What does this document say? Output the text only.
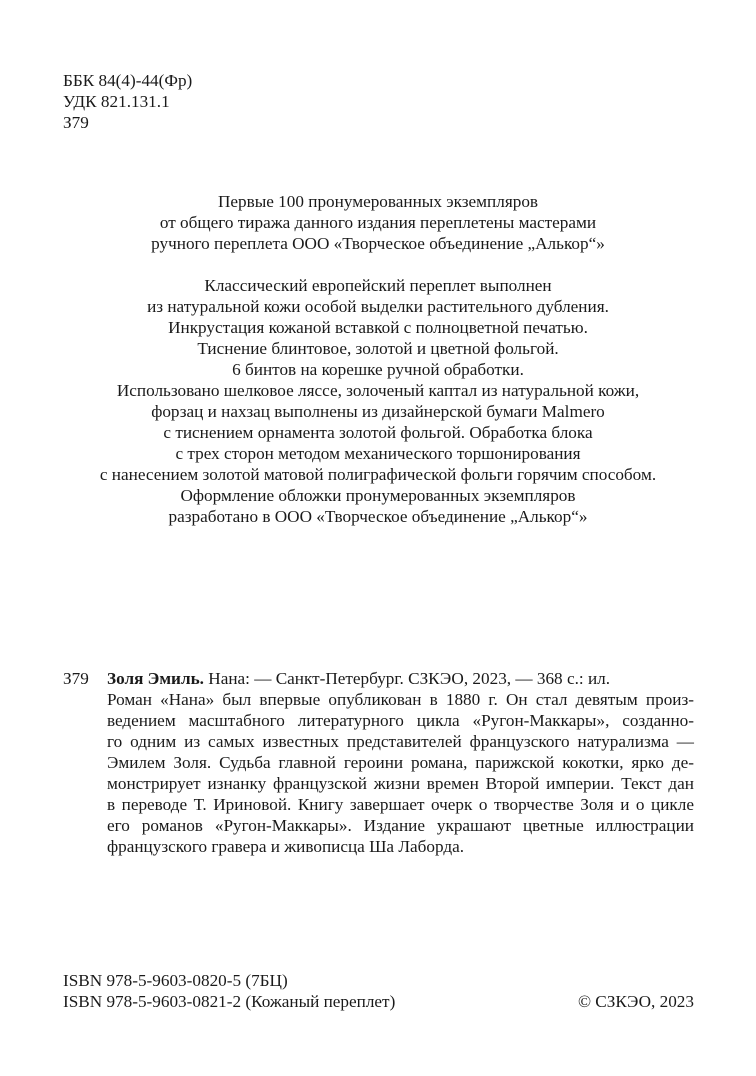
ББК 84(4)-44(Фр)
УДК 821.131.1
З79
Первые 100 пронумерованных экземпляров
от общего тиража данного издания переплетены мастерами
ручного переплета ООО «Творческое объединение „Алькор“»
Классический европейский переплет выполнен
из натуральной кожи особой выделки растительного дубления.
Инкрустация кожаной вставкой с полноцветной печатью.
Тиснение блинтовое, золотой и цветной фольгой.
6 бинтов на корешке ручной обработки.
Использовано шелковое ляссе, золоченый каптал из натуральной кожи,
форзац и нахзац выполнены из дизайнерской бумаги Malmero
с тиснением орнамента золотой фольгой. Обработка блока
с трех сторон методом механического торшонирования
с нанесением золотой матовой полиграфической фольги горячим способом.
Оформление обложки пронумерованных экземпляров
разработано в ООО «Творческое объединение „Алькор“»
З79 Золя Эмиль. Нана: — Санкт-Петербург. СЗКЭО, 2023, — 368 с.: ил.
Роман «Нана» был впервые опубликован в 1880 г. Он стал девятым произ-
ведением масштабного литературного цикла «Ругон-Маккары», созданно-
го одним из самых известных представителей французского натурализма —
Эмилем Золя. Судьба главной героини романа, парижской кокотки, ярко де-
монстрирует изнанку французской жизни времен Второй империи. Текст дан
в переводе Т. Ириновой. Книгу завершает очерк о творчестве Золя и о цикле
его романов «Ругон-Маккары». Издание украшают цветные иллюстрации
французского гравера и живописца Ша Лаборда.
ISBN 978-5-9603-0820-5 (7БЦ)
ISBN 978-5-9603-0821-2 (Кожаный переплет)	© СЗКЭО, 2023
